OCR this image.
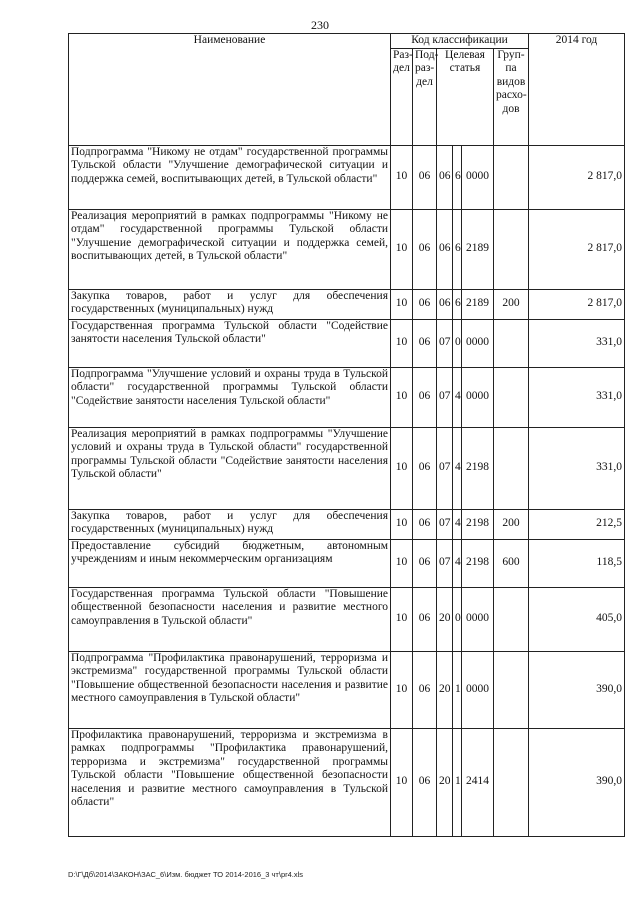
230
Наименование	Код классификации						2014 год
	Раз-дел	Под-раз-дел	Целевая статья			Груп-па видов расхо-дов	
Подпрограмма "Никому не отдам" государственной программы Тульской области "Улучшение демографической ситуации и поддержка семей, воспитывающих детей, в Тульской области"	10	06	06	6	0000		2 817,0
Реализация мероприятий в рамках подпрограммы "Никому не отдам" государственной программы Тульской области "Улучшение демографической ситуации и поддержка семей, воспитывающих детей, в Тульской области"	10	06	06	6	2189		2 817,0
Закупка товаров, работ и услуг для обеспечения государственных (муниципальных) нужд	10	06	06	6	2189	200	2 817,0
Государственная программа Тульской области "Содействие занятости населения Тульской области"	10	06	07	0	0000		331,0
Подпрограмма "Улучшение условий и охраны труда в Тульской области" государственной программы Тульской области "Содействие занятости населения Тульской области"	10	06	07	4	0000		331,0
Реализация мероприятий в рамках подпрограммы "Улучшение условий и охраны труда в Тульской области" государственной программы Тульской области "Содействие занятости населения Тульской области"	10	06	07	4	2198		331,0
Закупка товаров, работ и услуг для обеспечения государственных (муниципальных) нужд	10	06	07	4	2198	200	212,5
Предоставление субсидий бюджетным, автономным учреждениям и иным некоммерческим организациям	10	06	07	4	2198	600	118,5
Государственная программа Тульской области "Повышение общественной безопасности населения и развитие местного самоуправления в Тульской области"	10	06	20	0	0000		405,0
Подпрограмма "Профилактика правонарушений, терроризма и экстремизма" государственной программы Тульской области "Повышение общественной безопасности населения и развитие местного самоуправления в Тульской области"	10	06	20	1	0000		390,0
Профилактика правонарушений, терроризма и экстремизма в рамках подпрограммы "Профилактика правонарушений, терроризма и экстремизма" государственной программы Тульской области "Повышение общественной безопасности населения и развитие местного самоуправления в Тульской области"	10	06	20	1	2414		390,0
D:\Г\Дб\2014\ЗАКОН\ЗАС_6\Изм. бюджет ТО 2014-2016_3 чт\pr4.xls
